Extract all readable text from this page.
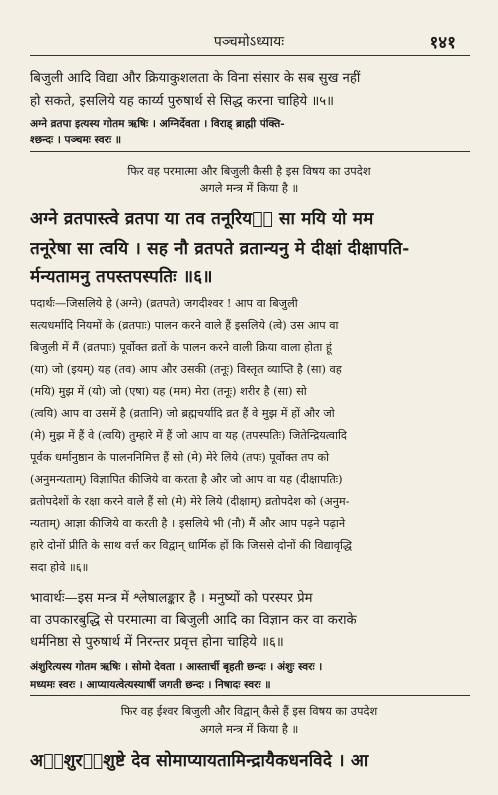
पञ्चमोऽध्यायः	१४१
बिजुली आदि विद्या और क्रियाकुशलता के विना संसार के सब सुख नहीं
हो सकते, इसलिये यह कार्य्य पुरुषार्थ से सिद्ध करना चाहिये ॥५॥
अग्ने व्रतपा इत्यस्य गोतम ऋषिः । अग्निर्देवता । विराड् ब्राह्मी पंक्ति-
श्छन्दः । पञ्चमः स्वरः ॥
फिर वह परमात्मा और बिजुली कैसी है इस विषय का उपदेश
अगले मन्त्र में किया है ॥
अग्ने व्रतपास्त्वे व्रतपा या तव तनूरियᳫं सा मयि यो मम
तनूरेषा सा त्वयि । सह नौ व्रतपते व्रतान्यनु मे दीक्षां दीक्षापति-
र्मन्यतामनु तपस्तपस्पतिः ॥६॥
पदार्थः—जिसलिये हे (अग्ने) (व्रतपते) जगदीश्वर ! आप वा बिजुली
सत्यधर्मादि नियमों के (व्रतपाः) पालन करने वाले हैं इसलिये (त्वे) उस आप वा
बिजुली में मैं (व्रतपाः) पूर्वोक्त व्रतों के पालन करने वाली क्रिया वाला होता हूं
(या) जो (इयम्) यह (तव) आप और उसकी (तनूः) विस्तृत व्याप्ति है (सा) वह
(मयि) मुझ में (यो) जो (एषा) यह (मम) मेरा (तनूः) शरीर है (सा) सो
(त्वयि) आप वा उसमें है (व्रतानि) जो ब्रह्मचर्यादि व्रत हैं वे मुझ में हों और जो
(मे) मुझ में हैं वे (त्वयि) तुम्हारे में हैं जो आप वा यह (तपस्पतिः) जितेन्द्रियत्वादि
पूर्वक धर्मानुष्ठान के पालननिमित्त हैं सो (मे) मेरे लिये (तपः) पूर्वोक्त तप को
(अनुमन्यताम्) विज्ञापित कीजिये वा करता है और जो आप वा यह (दीक्षापतिः)
व्रतोपदेशों के रक्षा करने वाले हैं सो (मे) मेरे लिये (दीक्षाम्) व्रतोपदेश को (अनुम-
न्यताम्) आज्ञा कीजिये वा करती है । इसलिये भी (नौ) मैं और आप पढ़ने पढ़ाने
हारे दोनों प्रीति के साथ वर्त्त कर विद्वान् धार्मिक हों कि जिससे दोनों की विद्यावृद्धि
सदा होवे ॥६॥
भावार्थः—इस मन्त्र में श्लेषालङ्कार है । मनुष्यों को परस्पर प्रेम
वा उपकारबुद्धि से परमात्मा वा बिजुली आदि का विज्ञान कर वा कराके
धर्मनिष्ठा से पुरुषार्थ में निरन्तर प्रवृत्त होना चाहिये ॥६॥
अंशुरित्यस्य गोतम ऋषिः । सोमो देवता । आस्तार्ची बृहती छन्दः । अंशुः स्वरः ।
मध्यमः स्वरः । आप्यायत्वेत्यस्यार्षी जगती छन्दः । निषादः स्वरः ॥
फिर वह ईश्वर बिजुली और विद्वान् कैसे हैं इस विषय का उपदेश
अगले मन्त्र में किया है ॥
अᳫंशुरᳫंशुष्टे देव सोमाप्यायतामिन्द्रायैकधनविदे । आ
